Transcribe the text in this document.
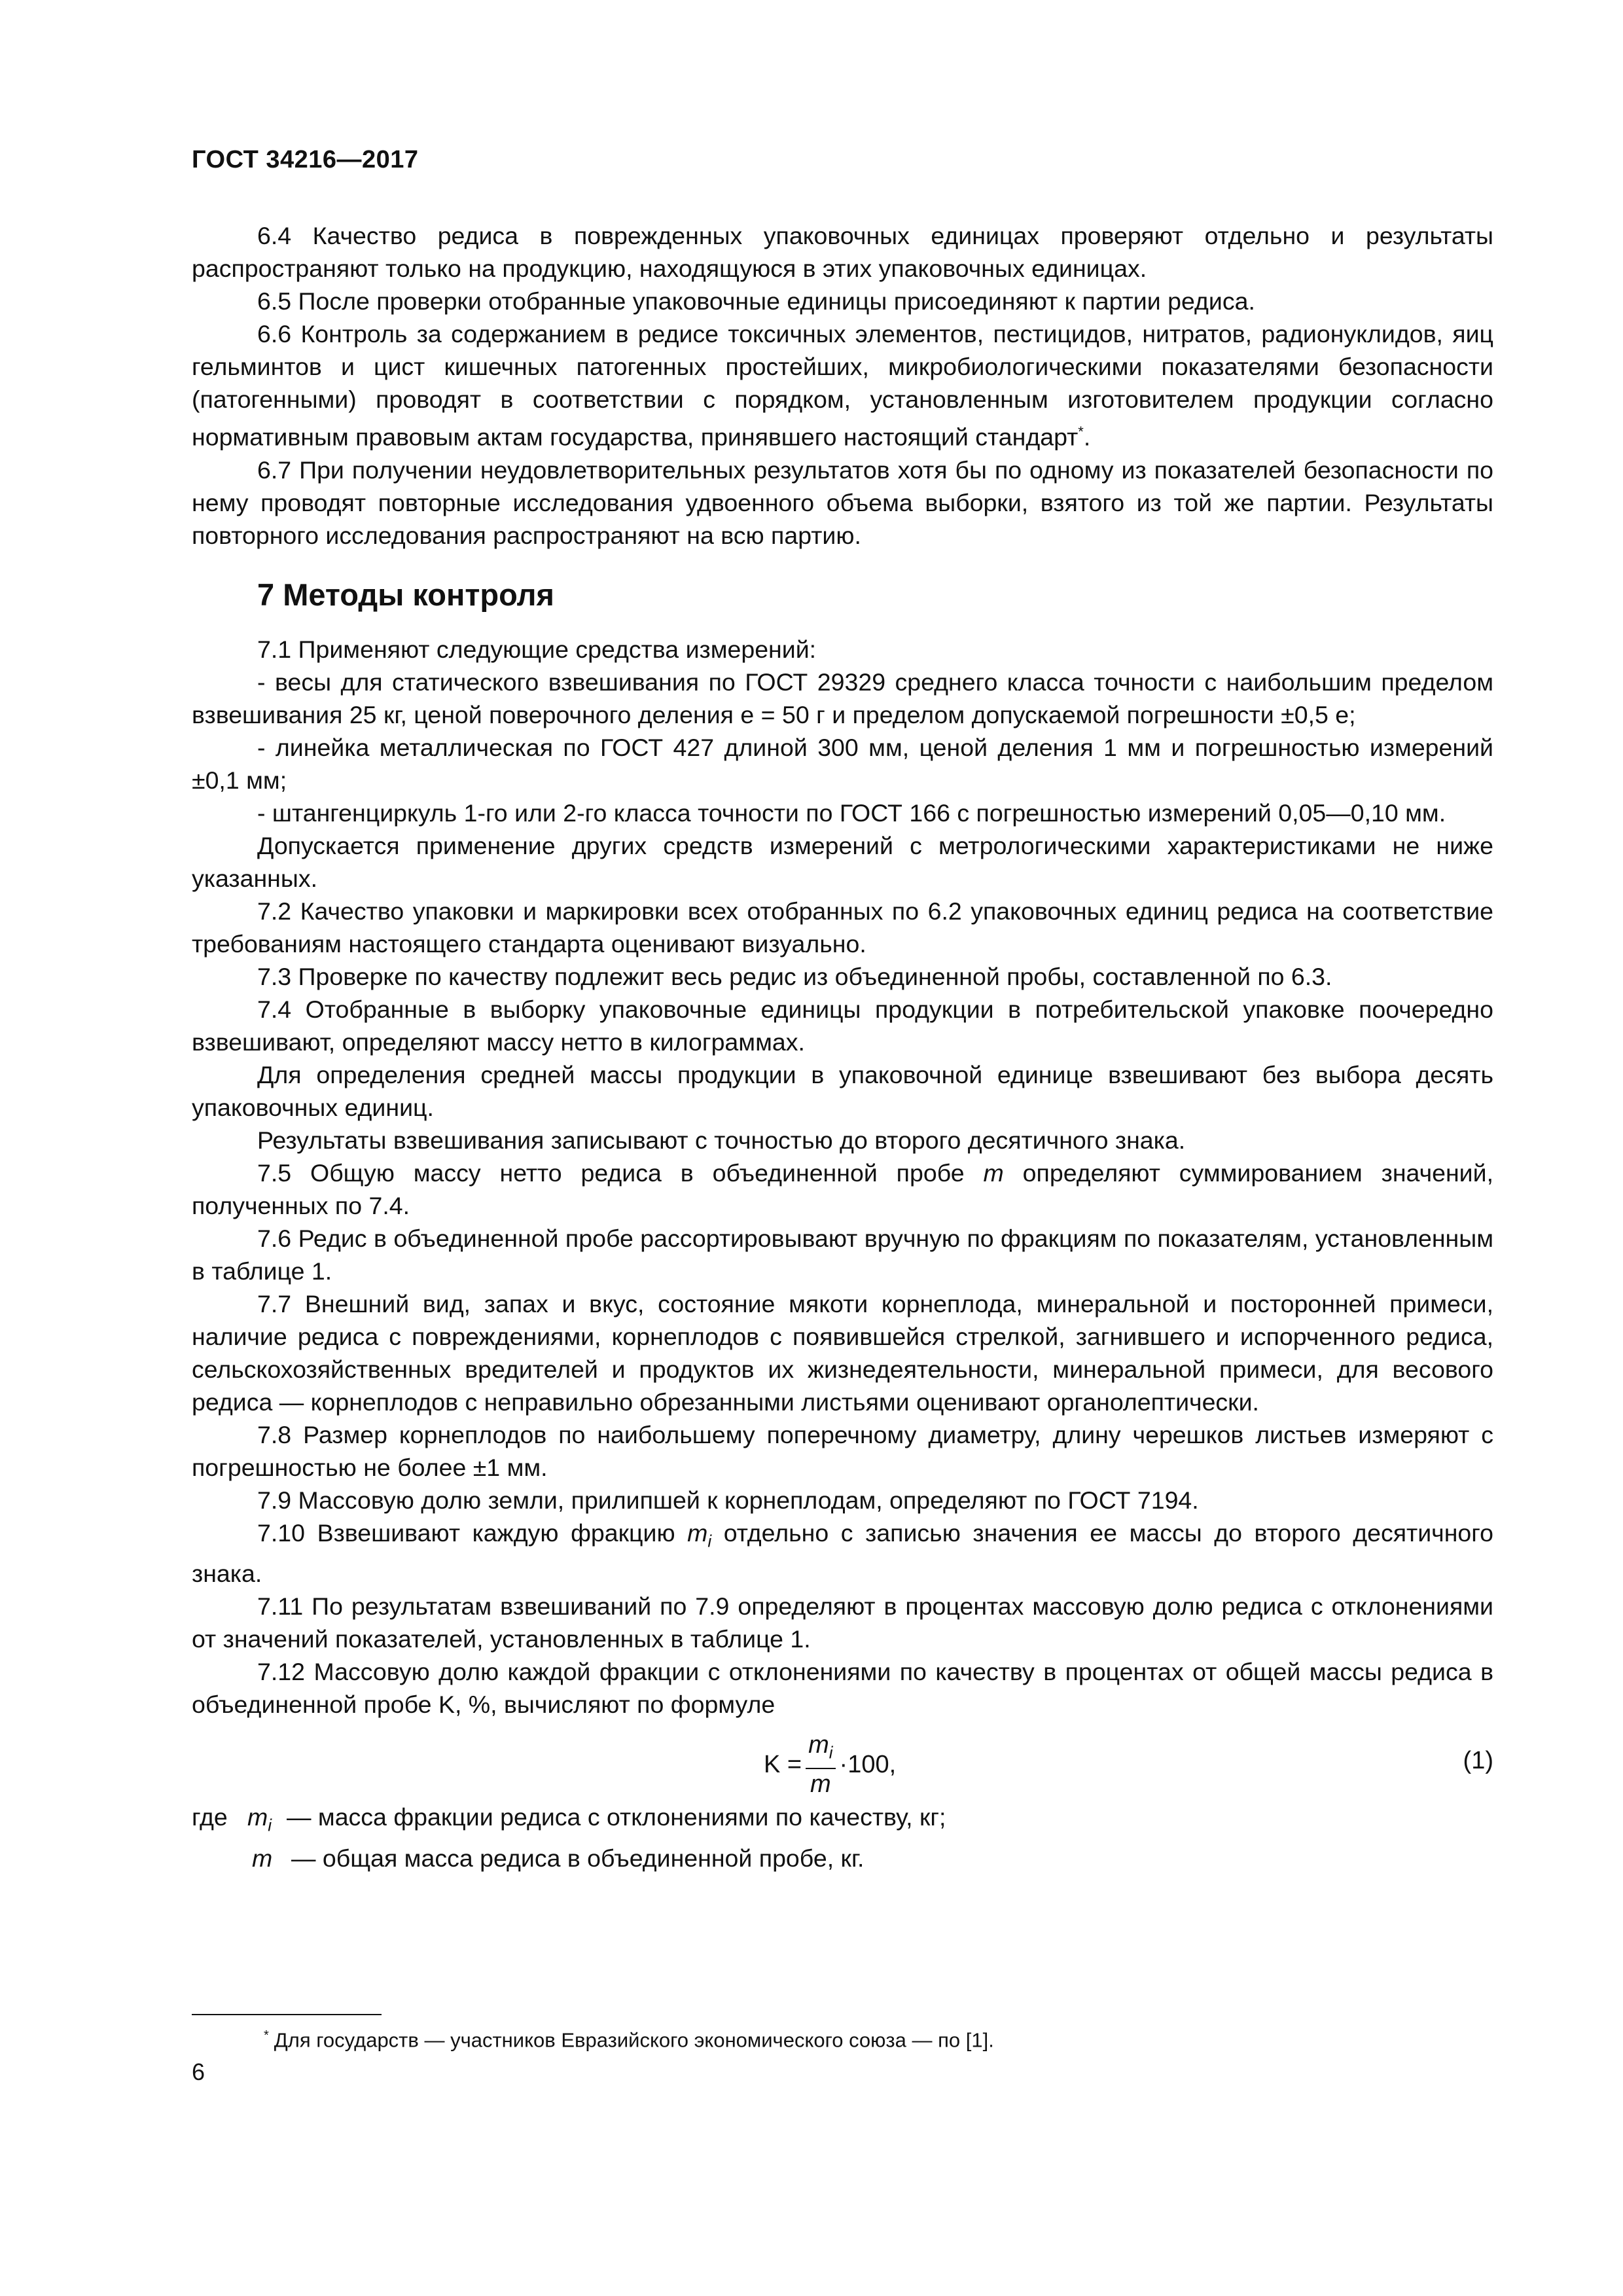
ГОСТ 34216—2017

6.4 Качество редиса в поврежденных упаковочных единицах проверяют отдельно и результаты распространяют только на продукцию, находящуюся в этих упаковочных единицах.

6.5 После проверки отобранные упаковочные единицы присоединяют к партии редиса.

6.6 Контроль за содержанием в редисе токсичных элементов, пестицидов, нитратов, радионуклидов, яиц гельминтов и цист кишечных патогенных простейших, микробиологическими показателями безопасности (патогенными) проводят в соответствии с порядком, установленным изготовителем продукции согласно нормативным правовым актам государства, принявшего настоящий стандарт*.

6.7 При получении неудовлетворительных результатов хотя бы по одному из показателей безопасности по нему проводят повторные исследования удвоенного объема выборки, взятого из той же партии. Результаты повторного исследования распространяют на всю партию.

7 Методы контроля

7.1 Применяют следующие средства измерений:

- весы для статического взвешивания по ГОСТ 29329 среднего класса точности с наибольшим пределом взвешивания 25 кг, ценой поверочного деления е = 50 г и пределом допускаемой погрешности ±0,5 е;

- линейка металлическая по ГОСТ 427 длиной 300 мм, ценой деления 1 мм и погрешностью измерений ±0,1 мм;

- штангенциркуль 1-го или 2-го класса точности по ГОСТ 166 с погрешностью измерений 0,05—0,10 мм.

Допускается применение других средств измерений с метрологическими характеристиками не ниже указанных.

7.2 Качество упаковки и маркировки всех отобранных по 6.2 упаковочных единиц редиса на соответствие требованиям настоящего стандарта оценивают визуально.

7.3 Проверке по качеству подлежит весь редис из объединенной пробы, составленной по 6.3.

7.4 Отобранные в выборку упаковочные единицы продукции в потребительской упаковке поочередно взвешивают, определяют массу нетто в килограммах.

Для определения средней массы продукции в упаковочной единице взвешивают без выбора десять упаковочных единиц.

Результаты взвешивания записывают с точностью до второго десятичного знака.

7.5 Общую массу нетто редиса в объединенной пробе m определяют суммированием значений, полученных по 7.4.

7.6 Редис в объединенной пробе рассортировывают вручную по фракциям по показателям, установленным в таблице 1.

7.7 Внешний вид, запах и вкус, состояние мякоти корнеплода, минеральной и посторонней примеси, наличие редиса с повреждениями, корнеплодов с появившейся стрелкой, загнившего и испорченного редиса, сельскохозяйственных вредителей и продуктов их жизнедеятельности, минеральной примеси, для весового редиса — корнеплодов с неправильно обрезанными листьями оценивают органолептически.

7.8 Размер корнеплодов по наибольшему поперечному диаметру, длину черешков листьев измеряют с погрешностью не более ±1 мм.

7.9 Массовую долю земли, прилипшей к корнеплодам, определяют по ГОСТ 7194.

7.10 Взвешивают каждую фракцию $m_i$ отдельно с записью значения ее массы до второго десятичного знака.

7.11 По результатам взвешиваний по 7.9 определяют в процентах массовую долю редиса с отклонениями от значений показателей, установленных в таблице 1.

7.12 Массовую долю каждой фракции с отклонениями по качеству в процентах от общей массы редиса в объединенной пробе K, %, вычисляют по формуле

$K = \frac{m_i}{m} \cdot 100$,	(1)
где $m_i$ — масса фракции редиса с отклонениями по качеству, кг;
m — общая масса редиса в объединенной пробе, кг.
* Для государств — участников Евразийского экономического союза — по [1].
6
